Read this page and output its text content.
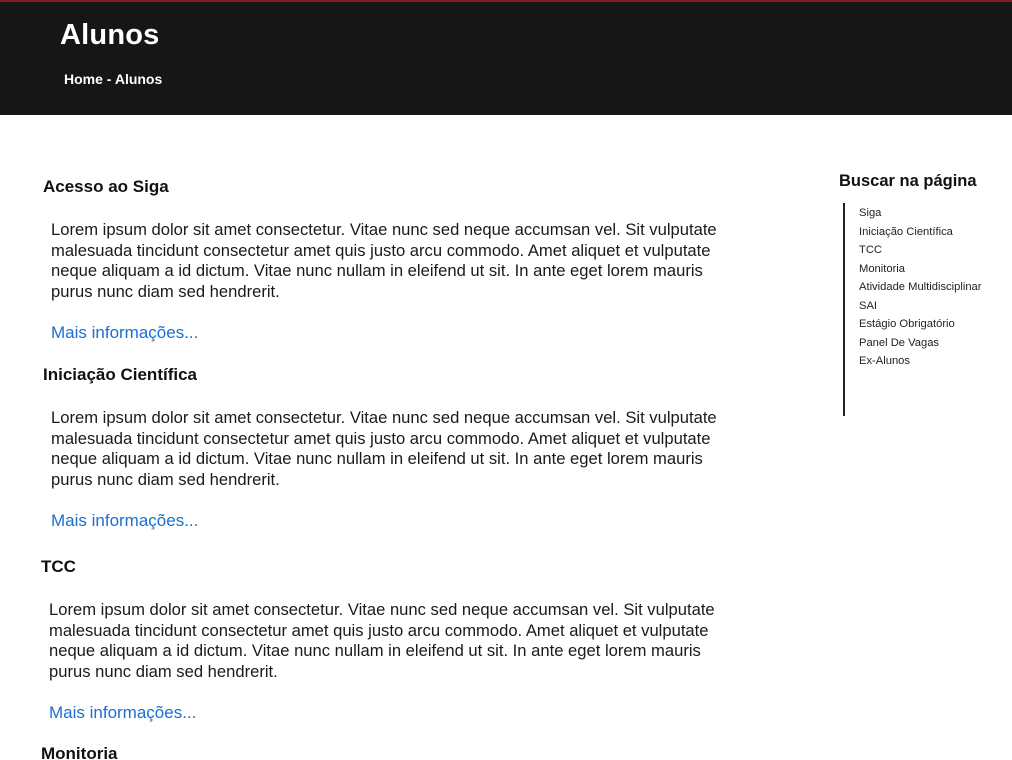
Alunos
Home - Alunos
Acesso ao Siga

Lorem ipsum dolor sit amet consectetur. Vitae nunc sed neque accumsan vel. Sit vulputate malesuada tincidunt consectetur amet quis justo arcu commodo. Amet aliquet et vulputate neque aliquam a id dictum. Vitae nunc nullam in eleifend ut sit. In ante eget lorem mauris purus nunc diam sed hendrerit.

Mais informações...
Iniciação Científica

Lorem ipsum dolor sit amet consectetur. Vitae nunc sed neque accumsan vel. Sit vulputate malesuada tincidunt consectetur amet quis justo arcu commodo. Amet aliquet et vulputate neque aliquam a id dictum. Vitae nunc nullam in eleifend ut sit. In ante eget lorem mauris purus nunc diam sed hendrerit.

Mais informações...
TCC

Lorem ipsum dolor sit amet consectetur. Vitae nunc sed neque accumsan vel. Sit vulputate malesuada tincidunt consectetur amet quis justo arcu commodo. Amet aliquet et vulputate neque aliquam a id dictum. Vitae nunc nullam in eleifend ut sit. In ante eget lorem mauris purus nunc diam sed hendrerit.

Mais informações...
Monitoria
Buscar na página
Siga
Iniciação Científica
TCC
Monitoria
Atividade Multidisciplinar
SAI
Estágio Obrigatório
Panel De Vagas
Ex-Alunos
